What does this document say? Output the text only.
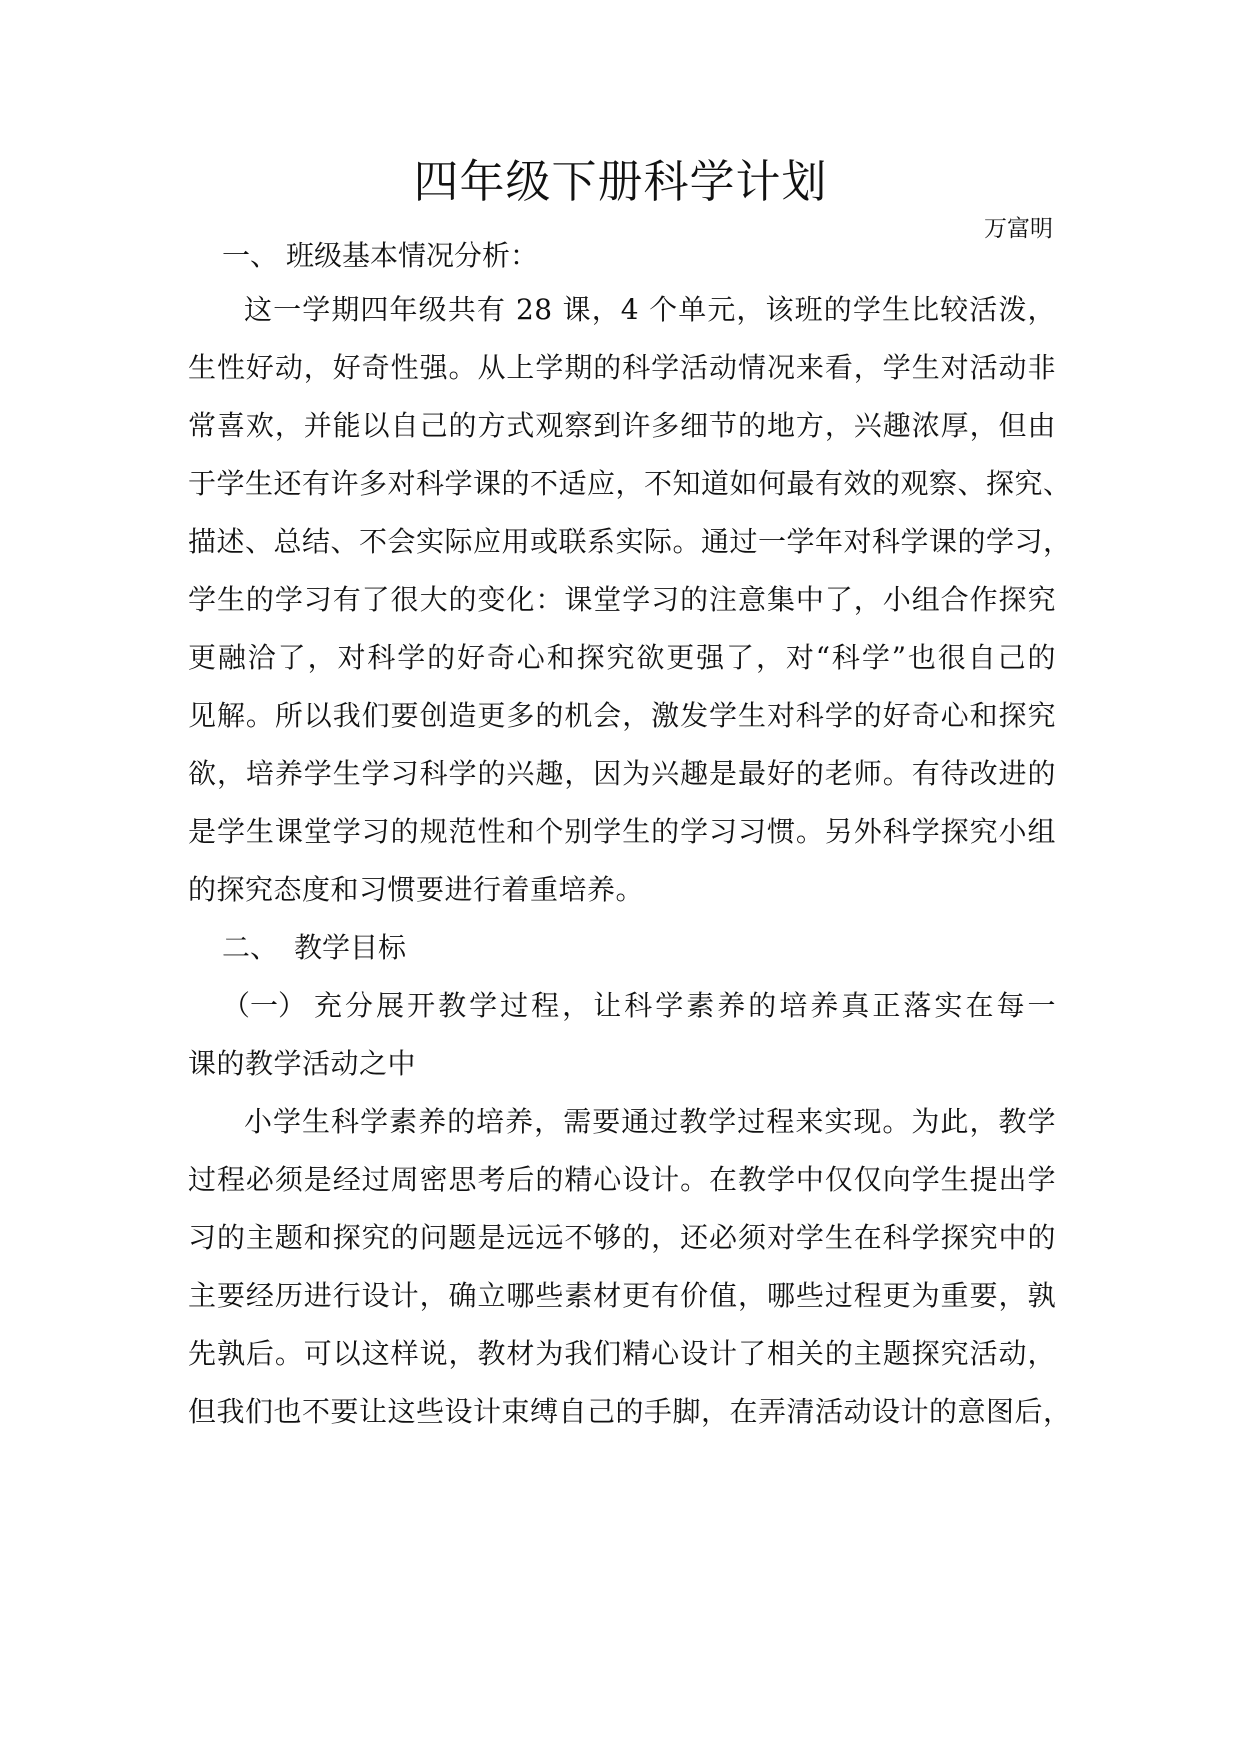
四年级下册科学计划
万富明
一、 班级基本情况分析：
这一学期四年级共有 28 课，4 个单元，该班的学生比较活泼，
生性好动，好奇性强。从上学期的科学活动情况来看，学生对活动非
常喜欢，并能以自己的方式观察到许多细节的地方，兴趣浓厚，但由
于学生还有许多对科学课的不适应，不知道如何最有效的观察、探究、
描述、总结、不会实际应用或联系实际。通过一学年对科学课的学习，
学生的学习有了很大的变化：课堂学习的注意集中了，小组合作探究
更融洽了，对科学的好奇心和探究欲更强了，对“科学”也很自己的
见解。所以我们要创造更多的机会，激发学生对科学的好奇心和探究
欲，培养学生学习科学的兴趣，因为兴趣是最好的老师。有待改进的
是学生课堂学习的规范性和个别学生的学习习惯。另外科学探究小组
的探究态度和习惯要进行着重培养。
二、 教学目标
（一） 充分展开教学过程，让科学素养的培养真正落实在每一
课的教学活动之中
小学生科学素养的培养，需要通过教学过程来实现。为此，教学
过程必须是经过周密思考后的精心设计。在教学中仅仅向学生提出学
习的主题和探究的问题是远远不够的，还必须对学生在科学探究中的
主要经历进行设计，确立哪些素材更有价值，哪些过程更为重要，孰
先孰后。可以这样说，教材为我们精心设计了相关的主题探究活动，
但我们也不要让这些设计束缚自己的手脚，在弄清活动设计的意图后，
